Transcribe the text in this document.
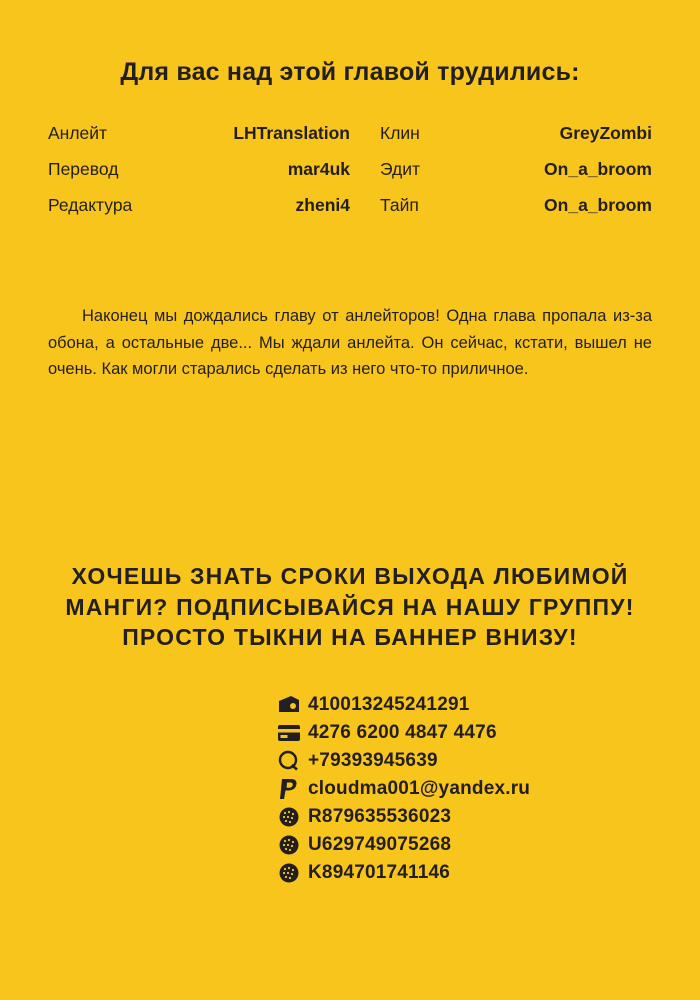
Для вас над этой главой трудились:
Анлейт	LHTranslation	Клин	GreyZombi
Перевод	mar4uk	Эдит	On_a_broom
Редактура	zheni4	Тайп	On_a_broom

Наконец мы дождались главу от анлейторов! Одна глава пропала из-за обона, а остальные две... Мы ждали анлейта. Он сейчас, кстати, вышел не очень. Как могли старались сделать из него что-то приличное.

ХОЧЕШЬ ЗНАТЬ СРОКИ ВЫХОДА ЛЮБИМОЙ
МАНГИ? ПОДПИСЫВАЙСЯ НА НАШУ ГРУППУ!
ПРОСТО ТЫКНИ НА БАННЕР ВНИЗУ!
410013245241291
4276 6200 4847 4476
+79393945639
cloudma001@yandex.ru
R879635536023
U629749075268
K894701741146
